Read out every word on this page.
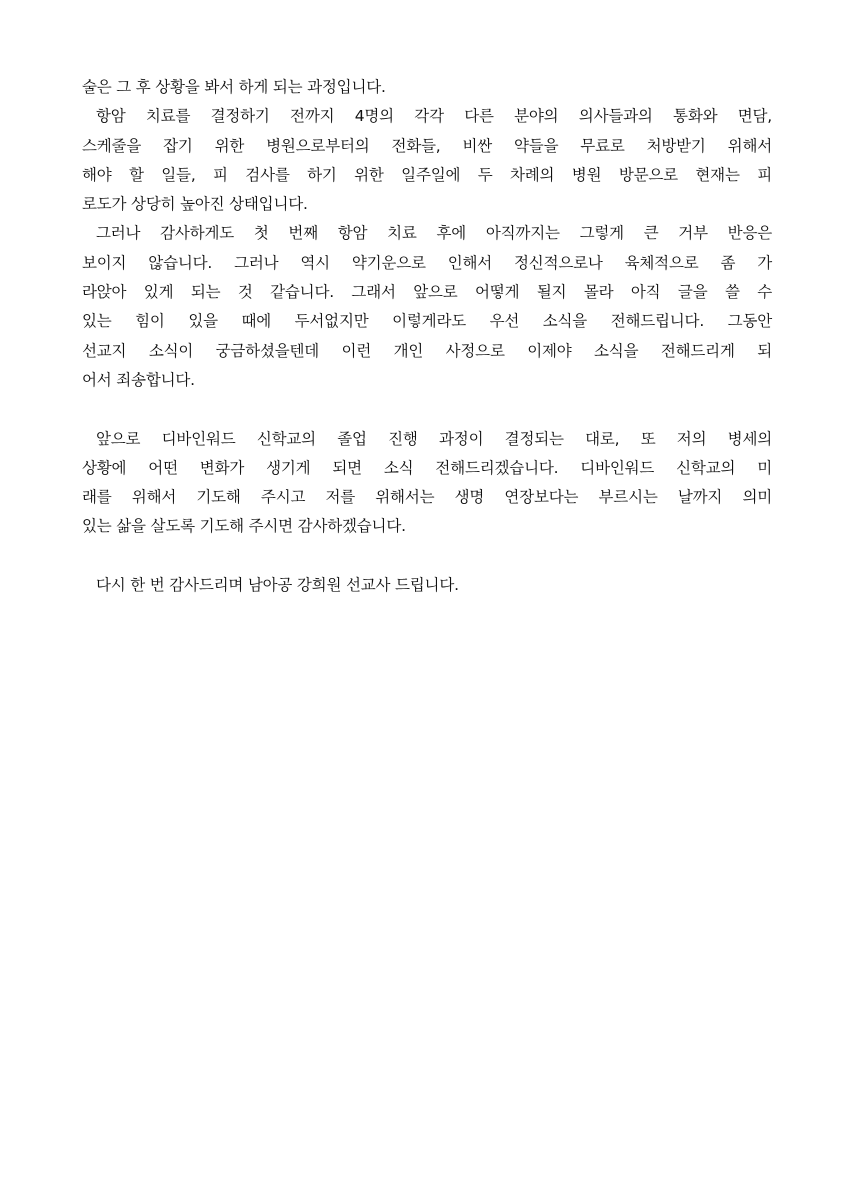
술은 그 후 상황을 봐서 하게 되는 과정입니다.
항암 치료를 결정하기 전까지 4명의 각각 다른 분야의 의사들과의 통화와 면담,
스케줄을 잡기 위한 병원으로부터의 전화들, 비싼 약들을 무료로 처방받기 위해서
해야 할 일들, 피 검사를 하기 위한 일주일에 두 차례의 병원 방문으로 현재는 피
로도가 상당히 높아진 상태입니다.
그러나 감사하게도 첫 번째 항암 치료 후에 아직까지는 그렇게 큰 거부 반응은
보이지 않습니다. 그러나 역시 약기운으로 인해서 정신적으로나 육체적으로 좀 가
라앉아 있게 되는 것 같습니다. 그래서 앞으로 어떻게 될지 몰라 아직 글을 쓸 수
있는 힘이 있을 때에 두서없지만 이렇게라도 우선 소식을 전해드립니다. 그동안
선교지 소식이 궁금하셨을텐데 이런 개인 사정으로 이제야 소식을 전해드리게 되
어서 죄송합니다.
앞으로 디바인워드 신학교의 졸업 진행 과정이 결정되는 대로, 또 저의 병세의
상황에 어떤 변화가 생기게 되면 소식 전해드리겠습니다. 디바인워드 신학교의 미
래를 위해서 기도해 주시고 저를 위해서는 생명 연장보다는 부르시는 날까지 의미
있는 삶을 살도록 기도해 주시면 감사하겠습니다.
다시 한 번 감사드리며 남아공 강희원 선교사 드립니다.
